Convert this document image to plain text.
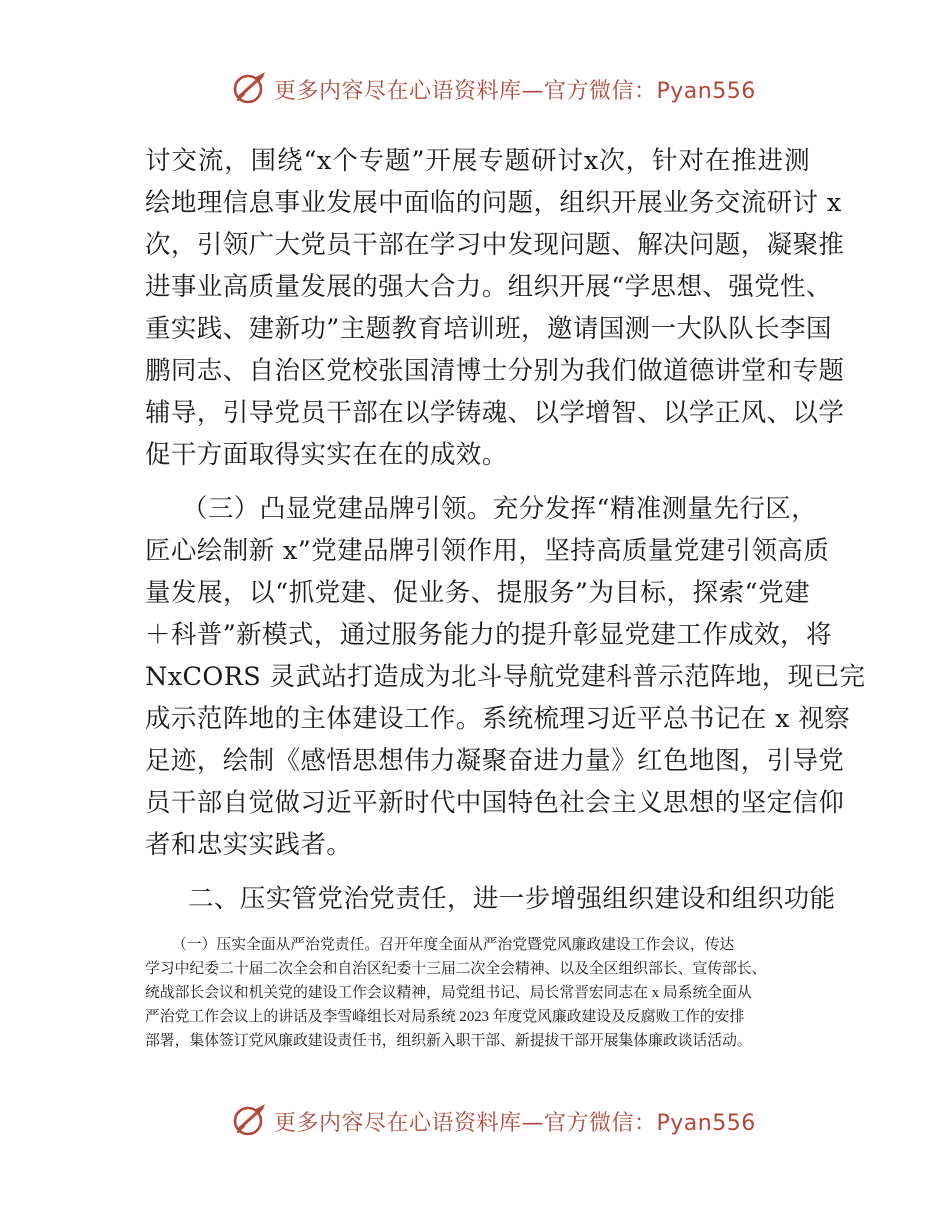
更多内容尽在心语资料库—官方微信：Pyan556
讨交流，围绕“x个专题”开展专题研讨x次，针对在推进测
绘地理信息事业发展中面临的问题，组织开展业务交流研讨 x
次，引领广大党员干部在学习中发现问题、解决问题，凝聚推
进事业高质量发展的强大合力。组织开展“学思想、强党性、
重实践、建新功”主题教育培训班，邀请国测一大队队长李国
鹏同志、自治区党校张国清博士分别为我们做道德讲堂和专题
辅导，引导党员干部在以学铸魂、以学增智、以学正风、以学
促干方面取得实实在在的成效。
（三）凸显党建品牌引领。充分发挥“精准测量先行区，
匠心绘制新 x”党建品牌引领作用，坚持高质量党建引领高质
量发展，以“抓党建、促业务、提服务”为目标，探索“党建
＋科普”新模式，通过服务能力的提升彰显党建工作成效，将
NxCORS 灵武站打造成为北斗导航党建科普示范阵地，现已完
成示范阵地的主体建设工作。系统梳理习近平总书记在 x 视察
足迹，绘制《感悟思想伟力凝聚奋进力量》红色地图，引导党
员干部自觉做习近平新时代中国特色社会主义思想的坚定信仰
者和忠实实践者。
二、压实管党治党责任，进一步增强组织建设和组织功能
（一）压实全面从严治党责任。召开年度全面从严治党暨党风廉政建设工作会议，传达
学习中纪委二十届二次全会和自治区纪委十三届二次全会精神、以及全区组织部长、宣传部长、
统战部长会议和机关党的建设工作会议精神，局党组书记、局长常晋宏同志在 x 局系统全面从
严治党工作会议上的讲话及李雪峰组长对局系统 2023 年度党风廉政建设及反腐败工作的安排
部署，集体签订党风廉政建设责任书，组织新入职干部、新提拔干部开展集体廉政谈话活动。
更多内容尽在心语资料库—官方微信：Pyan556
